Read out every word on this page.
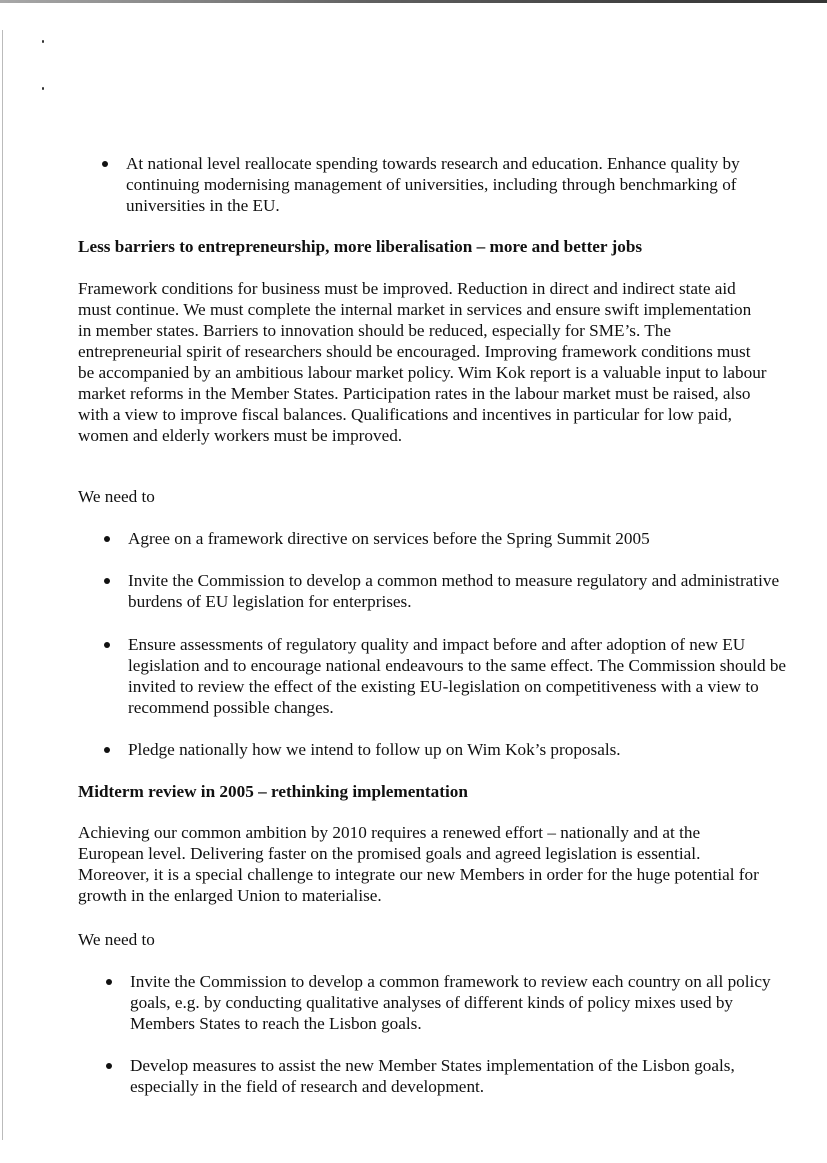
At national level reallocate spending towards research and education. Enhance quality by continuing modernising management of universities, including through benchmarking of universities in the EU.

Less barriers to entrepreneurship, more liberalisation – more and better jobs

Framework conditions for business must be improved. Reduction in direct and indirect state aid must continue. We must complete the internal market in services and ensure swift implementation in member states. Barriers to innovation should be reduced, especially for SME’s. The entrepreneurial spirit of researchers should be encouraged. Improving framework conditions must be accompanied by an ambitious labour market policy. Wim Kok report is a valuable input to labour market reforms in the Member States. Participation rates in the labour market must be raised, also with a view to improve fiscal balances. Qualifications and incentives in particular for low paid, women and elderly workers must be improved.

We need to

Agree on a framework directive on services before the Spring Summit 2005
Invite the Commission to develop a common method to measure regulatory and administrative burdens of EU legislation for enterprises.
Ensure assessments of regulatory quality and impact before and after adoption of new EU legislation and to encourage national endeavours to the same effect. The Commission should be invited to review the effect of the existing EU-legislation on competitiveness with a view to recommend possible changes.
Pledge nationally how we intend to follow up on Wim Kok’s proposals.

Midterm review in 2005 – rethinking implementation

Achieving our common ambition by 2010 requires a renewed effort – nationally and at the European level. Delivering faster on the promised goals and agreed legislation is essential. Moreover, it is a special challenge to integrate our new Members in order for the huge potential for growth in the enlarged Union to materialise.

We need to

Invite the Commission to develop a common framework to review each country on all policy goals, e.g. by conducting qualitative analyses of different kinds of policy mixes used by Members States to reach the Lisbon goals.
Develop measures to assist the new Member States implementation of the Lisbon goals, especially in the field of research and development.
